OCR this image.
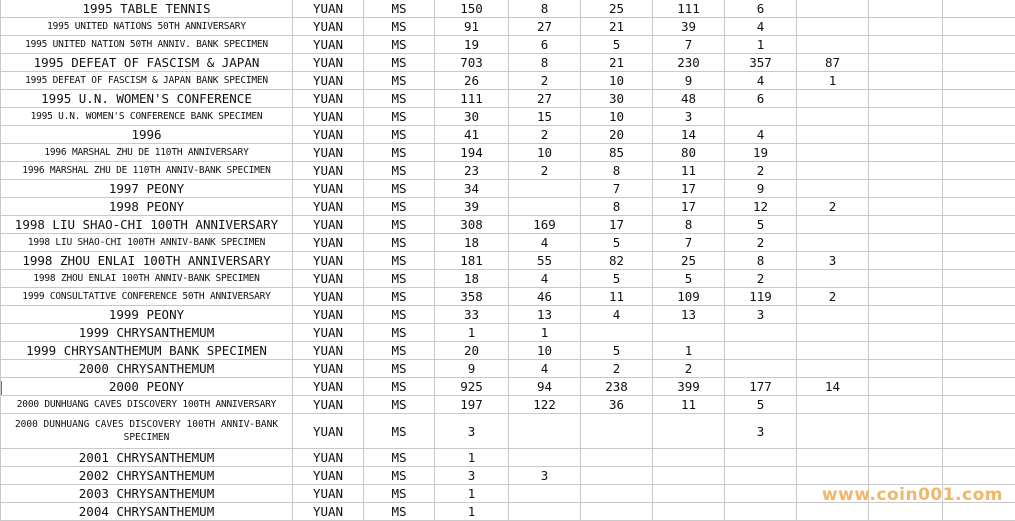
1995 TABLE TENNIS	YUAN	MS	150	8	25	111	6			
1995 UNITED NATIONS 50TH ANNIVERSARY	YUAN	MS	91	27	21	39	4			
1995 UNITED NATION 50TH ANNIV. BANK SPECIMEN	YUAN	MS	19	6	5	7	1			
1995 DEFEAT OF FASCISM & JAPAN	YUAN	MS	703	8	21	230	357	87		
1995 DEFEAT OF FASCISM & JAPAN BANK SPECIMEN	YUAN	MS	26	2	10	9	4	1		
1995 U.N. WOMEN'S CONFERENCE	YUAN	MS	111	27	30	48	6			
1995 U.N. WOMEN'S CONFERENCE BANK SPECIMEN	YUAN	MS	30	15	10	3				
1996	YUAN	MS	41	2	20	14	4			
1996 MARSHAL ZHU DE 110TH ANNIVERSARY	YUAN	MS	194	10	85	80	19			
1996 MARSHAL ZHU DE 110TH ANNIV-BANK SPECIMEN	YUAN	MS	23	2	8	11	2			
1997 PEONY	YUAN	MS	34		7	17	9			
1998 PEONY	YUAN	MS	39		8	17	12	2		
1998 LIU SHAO-CHI 100TH ANNIVERSARY	YUAN	MS	308	169	17	8	5			
1998 LIU SHAO-CHI 100TH ANNIV-BANK SPECIMEN	YUAN	MS	18	4	5	7	2			
1998 ZHOU ENLAI 100TH ANNIVERSARY	YUAN	MS	181	55	82	25	8	3		
1998 ZHOU ENLAI 100TH ANNIV-BANK SPECIMEN	YUAN	MS	18	4	5	5	2			
1999 CONSULTATIVE CONFERENCE 50TH ANNIVERSARY	YUAN	MS	358	46	11	109	119	2		
1999 PEONY	YUAN	MS	33	13	4	13	3			
1999 CHRYSANTHEMUM	YUAN	MS	1	1						
1999 CHRYSANTHEMUM BANK SPECIMEN	YUAN	MS	20	10	5	1				
2000 CHRYSANTHEMUM	YUAN	MS	9	4	2	2				
2000 PEONY	YUAN	MS	925	94	238	399	177	14		
2000 DUNHUANG CAVES DISCOVERY 100TH ANNIVERSARY	YUAN	MS	197	122	36	11	5			
2000 DUNHUANG CAVES DISCOVERY 100TH ANNIV-BANK SPECIMEN	YUAN	MS	3				3			
2001 CHRYSANTHEMUM	YUAN	MS	1							
2002 CHRYSANTHEMUM	YUAN	MS	3	3						
2003 CHRYSANTHEMUM	YUAN	MS	1							
2004 CHRYSANTHEMUM	YUAN	MS	1							
www.coin001.com
